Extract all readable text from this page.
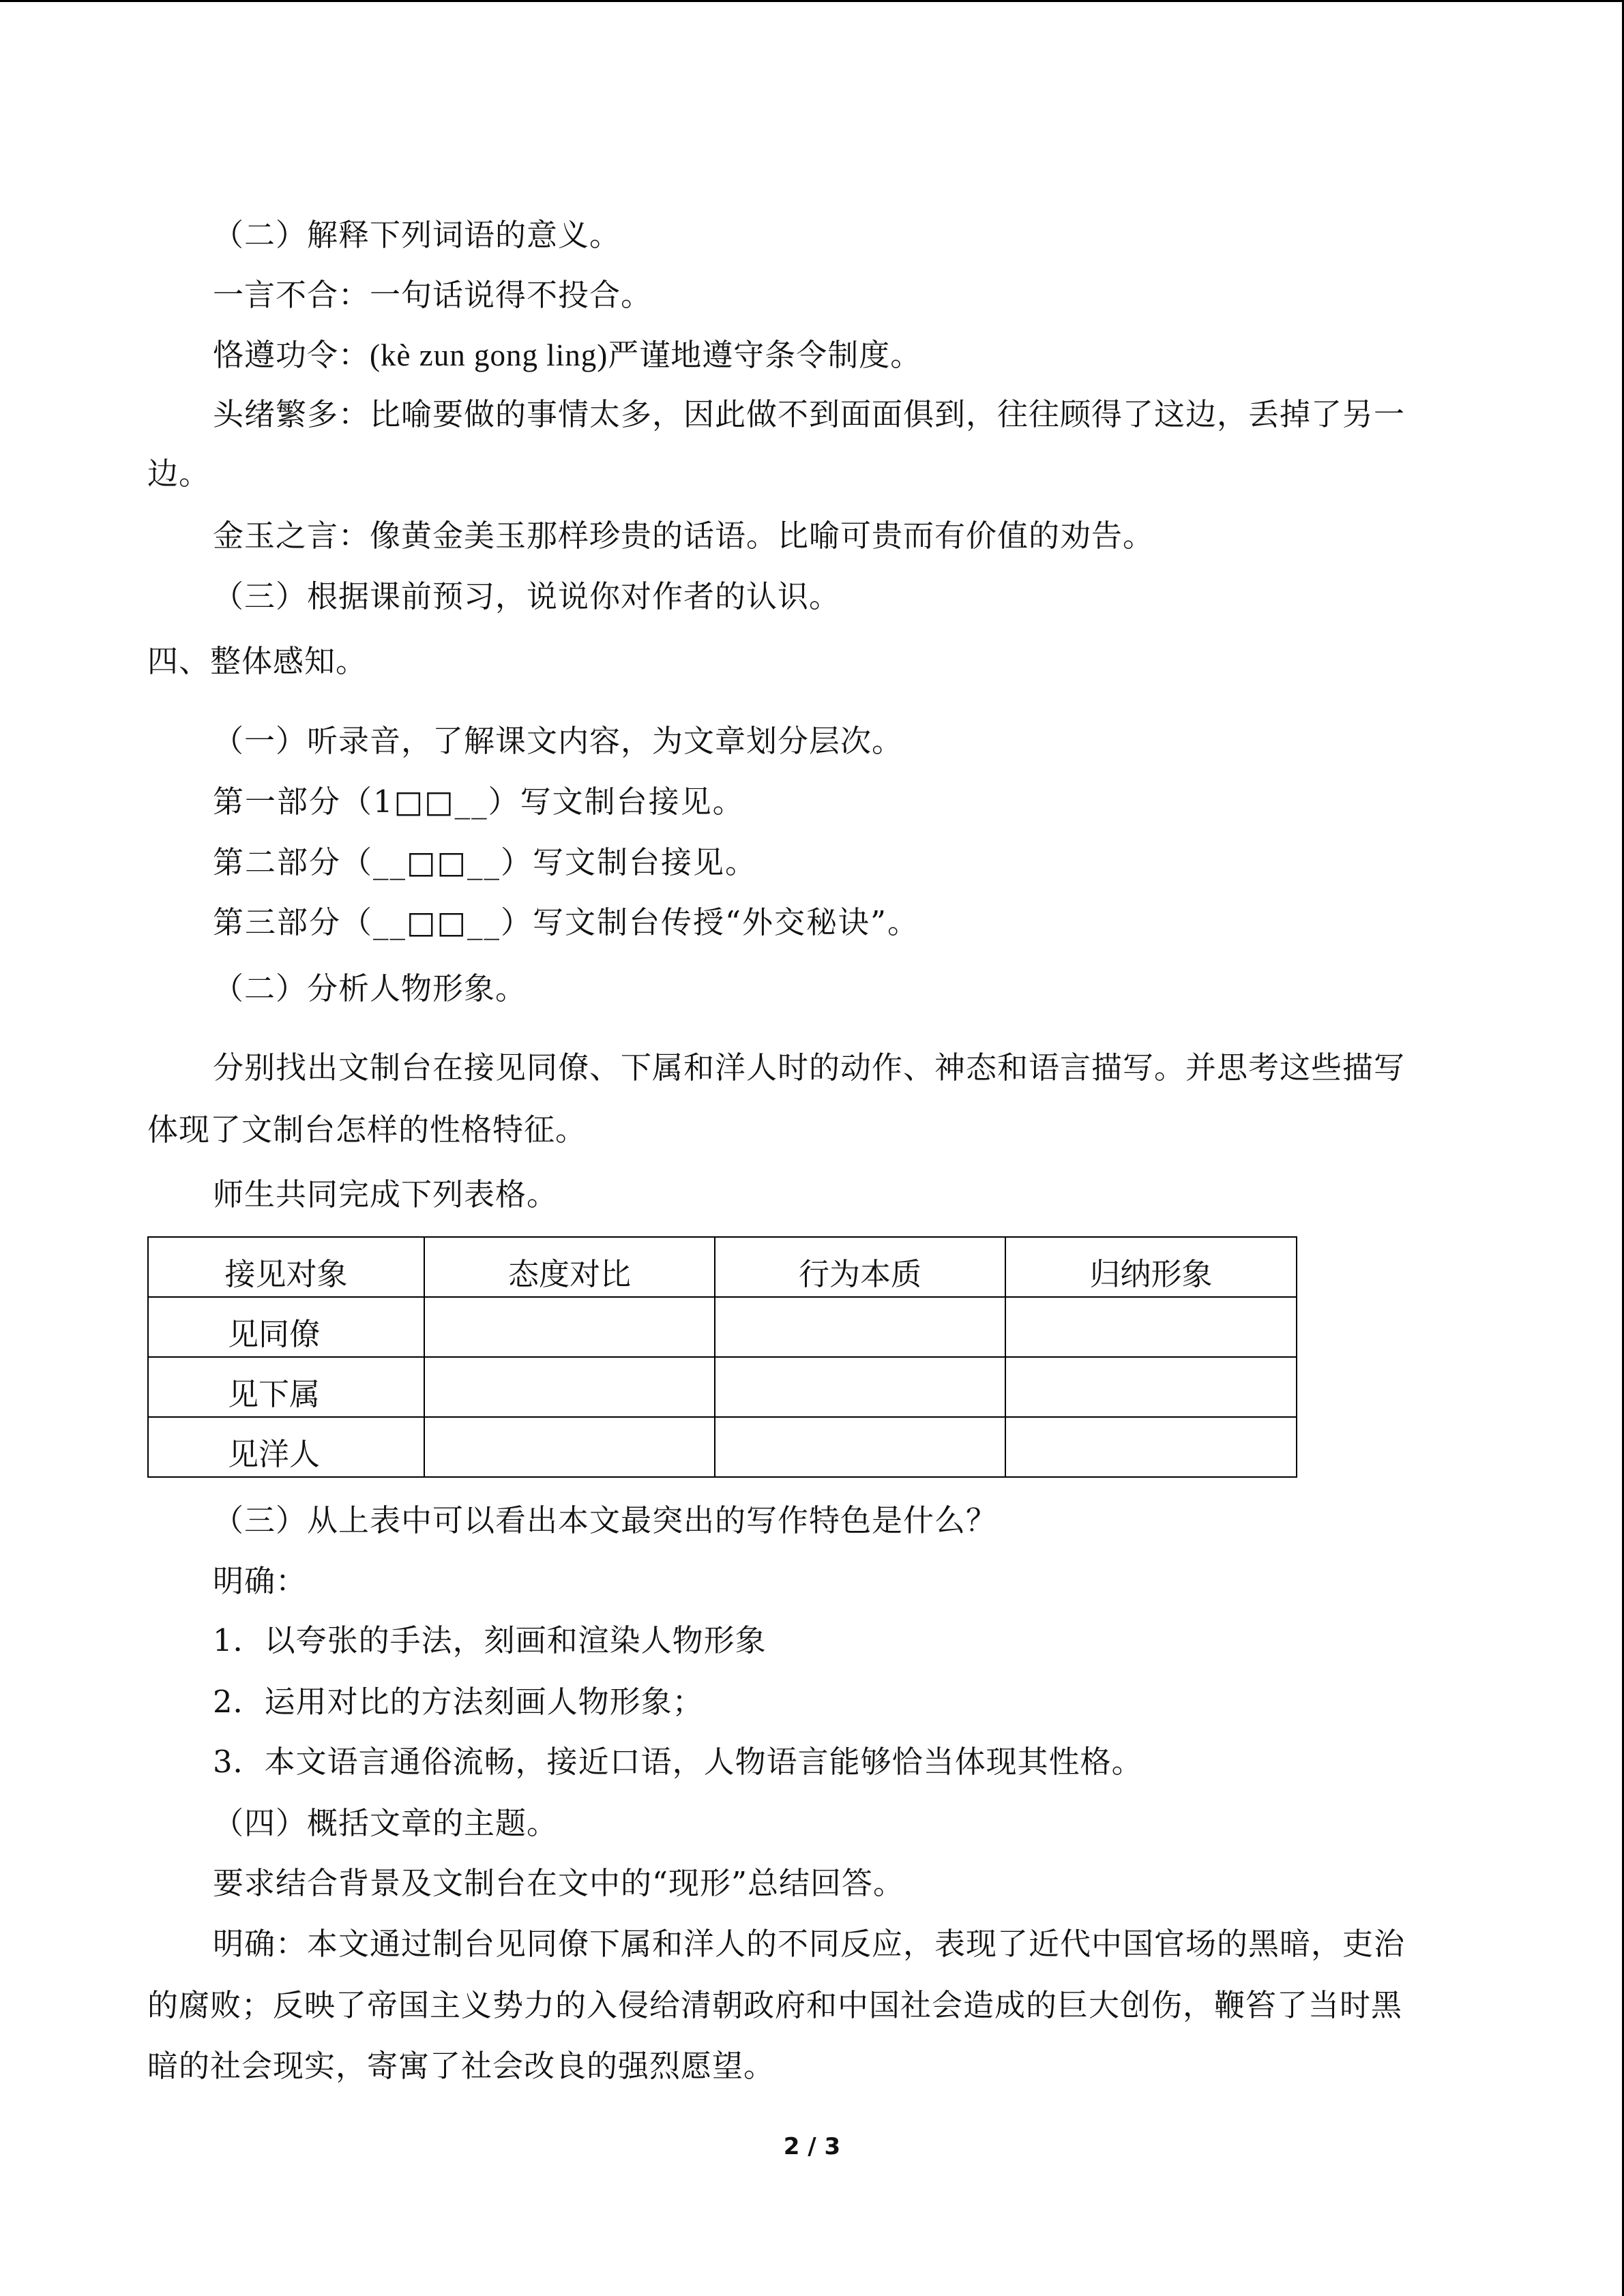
（二）解释下列词语的意义。
一言不合：一句话说得不投合。
恪遵功令：(kè zun gong ling)严谨地遵守条令制度。
头绪繁多：比喻要做的事情太多，因此做不到面面俱到，往往顾得了这边，丢掉了另一
边。
金玉之言：像黄金美玉那样珍贵的话语。比喻可贵而有价值的劝告。
（三）根据课前预习，说说你对作者的认识。
四、整体感知。
（一）听录音，了解课文内容，为文章划分层次。
第一部分（1□□__）写文制台接见。
第二部分（__□□__）写文制台接见。
第三部分（__□□__）写文制台传授“外交秘诀”。
（二）分析人物形象。
分别找出文制台在接见同僚、下属和洋人时的动作、神态和语言描写。并思考这些描写
体现了文制台怎样的性格特征。
师生共同完成下列表格。
接见对象	态度对比	行为本质	归纳形象
见同僚			
见下属			
见洋人			
（三）从上表中可以看出本文最突出的写作特色是什么？
明确：
1．以夸张的手法，刻画和渲染人物形象
2．运用对比的方法刻画人物形象；
3．本文语言通俗流畅，接近口语，人物语言能够恰当体现其性格。
（四）概括文章的主题。
要求结合背景及文制台在文中的“现形”总结回答。
明确：本文通过制台见同僚下属和洋人的不同反应，表现了近代中国官场的黑暗，吏治
的腐败；反映了帝国主义势力的入侵给清朝政府和中国社会造成的巨大创伤，鞭笞了当时黑
暗的社会现实，寄寓了社会改良的强烈愿望。
2 / 3
